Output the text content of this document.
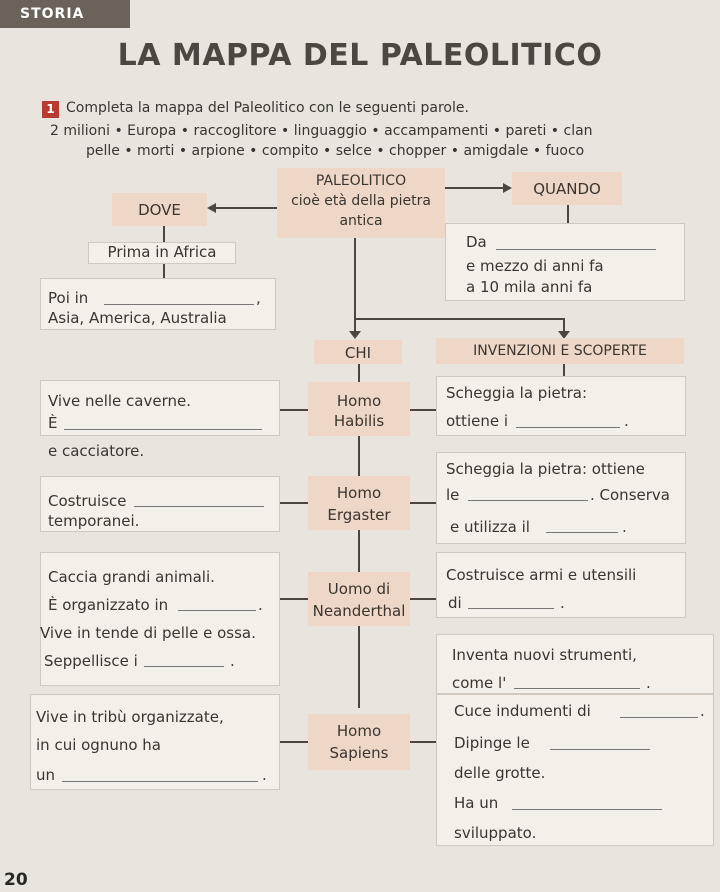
STORIA
LA MAPPA DEL PALEOLITICO
1 Completa la mappa del Paleolitico con le seguenti parole.
2 milioni • Europa • raccoglitore • linguaggio • accampamenti • pareti • clan
pelle • morti • arpione • compito • selce • chopper • amigdale • fuoco
PALEOLITICO
cioè età della pietra
antica
DOVE
Prima in Africa
Poi in	,
Asia, America, Australia
QUANDO
Da
e mezzo di anni fa
a 10 mila anni fa
CHI	INVENZIONI E SCOPERTE
Vive nelle caverne.
È
e cacciatore.
Homo
Habilis
Scheggia la pietra:
ottiene i	.
Costruisce
temporanei.
Homo
Ergaster
Scheggia la pietra: ottiene
le	. Conserva
e utilizza il	.
Caccia grandi animali.
È organizzato in	.
Vive in tende di pelle e ossa.
Seppellisce i	.
Uomo di
Neanderthal
Costruisce armi e utensili
di	.
Inventa nuovi strumenti,
come l'	.
Vive in tribù organizzate,
in cui ognuno ha
un	.
Homo
Sapiens
Cuce indumenti di	.
Dipinge le
delle grotte.
Ha un
sviluppato.
20
